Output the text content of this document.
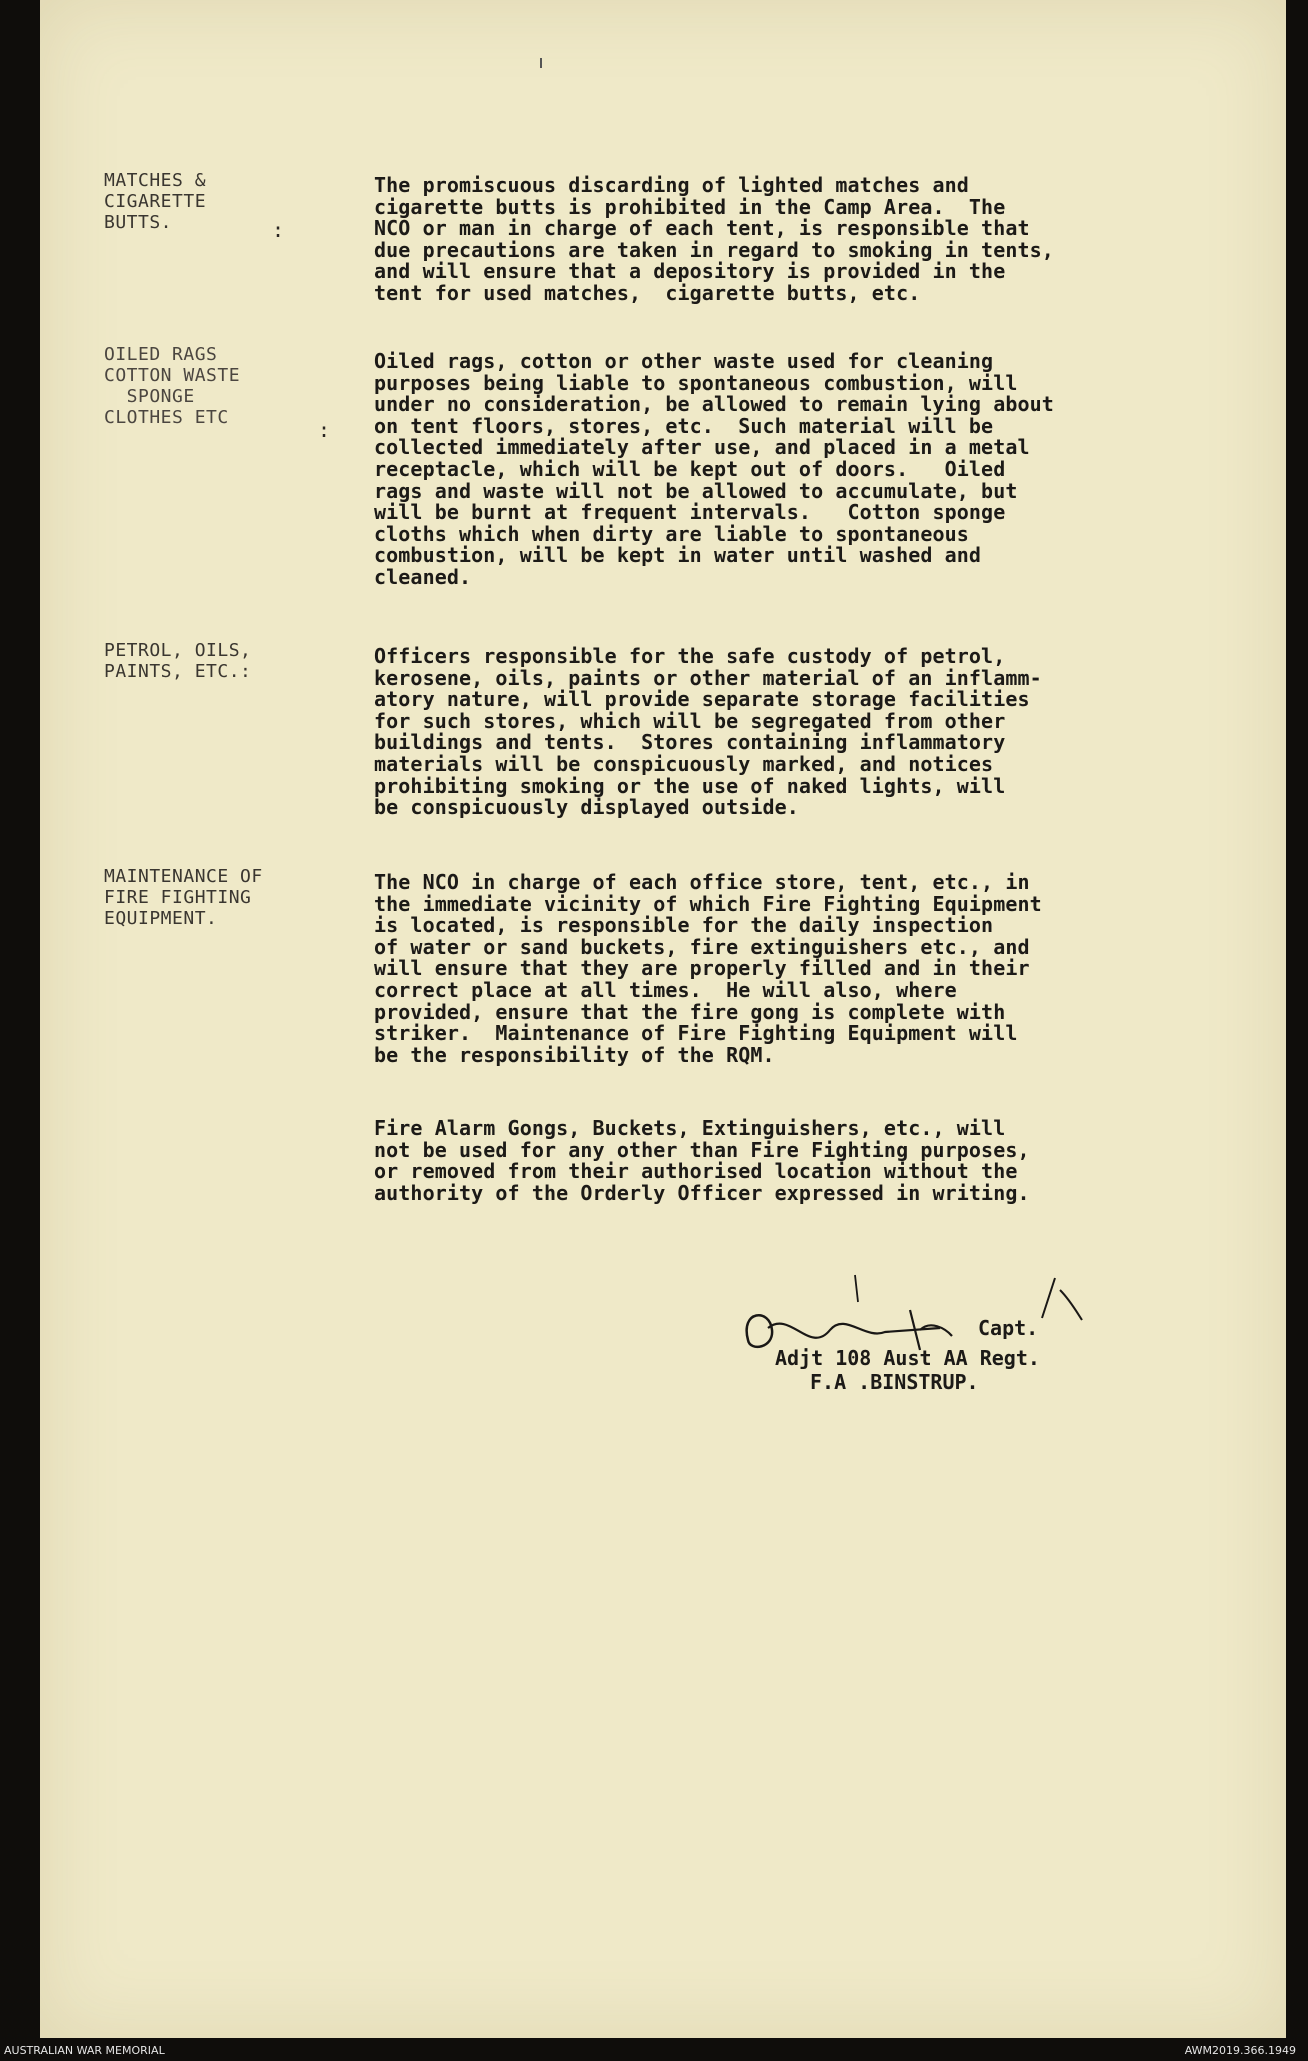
MATCHES &
CIGARETTE
BUTTS.	:
The promiscuous discarding of lighted matches and
cigarette butts is prohibited in the Camp Area.  The
NCO or man in charge of each tent, is responsible that
due precautions are taken in regard to smoking in tents,
and will ensure that a depository is provided in the
tent for used matches,  cigarette butts, etc.
OILED RAGS
COTTON WASTE
SPONGE
CLOTHES ETC
:
Oiled rags, cotton or other waste used for cleaning
purposes being liable to spontaneous combustion, will
under no consideration, be allowed to remain lying about
on tent floors, stores, etc.  Such material will be
collected immediately after use, and placed in a metal
receptacle, which will be kept out of doors.   Oiled
rags and waste will not be allowed to accumulate, but
will be burnt at frequent intervals.   Cotton sponge
cloths which when dirty are liable to spontaneous
combustion, will be kept in water until washed and
cleaned.
PETROL, OILS,
PAINTS, ETC.:
Officers responsible for the safe custody of petrol,
kerosene, oils, paints or other material of an inflamm-
atory nature, will provide separate storage facilities
for such stores, which will be segregated from other
buildings and tents.  Stores containing inflammatory
materials will be conspicuously marked, and notices
prohibiting smoking or the use of naked lights, will
be conspicuously displayed outside.
MAINTENANCE OF
FIRE FIGHTING
EQUIPMENT.
The NCO in charge of each office store, tent, etc., in
the immediate vicinity of which Fire Fighting Equipment
is located, is responsible for the daily inspection
of water or sand buckets, fire extinguishers etc., and
will ensure that they are properly filled and in their
correct place at all times.  He will also, where
provided, ensure that the fire gong is complete with
striker.  Maintenance of Fire Fighting Equipment will
be the responsibility of the RQM.
Fire Alarm Gongs, Buckets, Extinguishers, etc., will
not be used for any other than Fire Fighting purposes,
or removed from their authorised location without the
authority of the Orderly Officer expressed in writing.
Capt.
Adjt 108 Aust AA Regt.
F.A .BINSTRUP.
AUSTRALIAN WAR MEMORIAL	AWM2019.366.1949
